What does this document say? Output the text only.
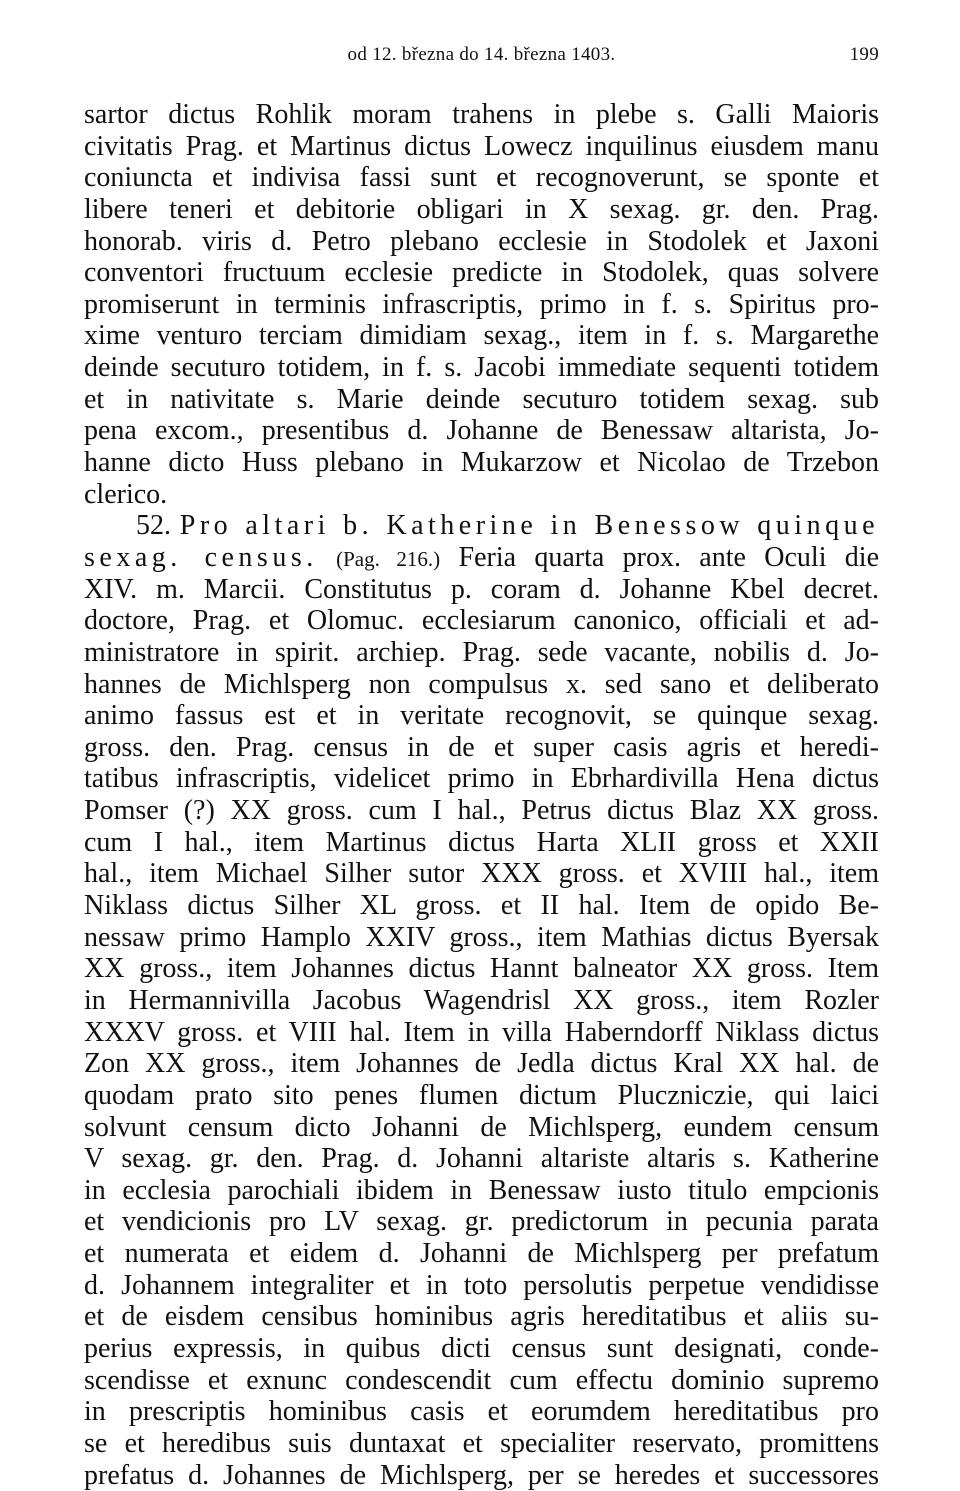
od 12. března do 14. března 1403.	199
sartor dictus Rohlik moram trahens in plebe s. Galli Maioris
civitatis Prag. et Martinus dictus Lowecz inquilinus eiusdem manu
coniuncta et indivisa fassi sunt et recognoverunt, se sponte et
libere teneri et debitorie obligari in X sexag. gr. den. Prag.
honorab. viris d. Petro plebano ecclesie in Stodolek et Jaxoni
conventori fructuum ecclesie predicte in Stodolek, quas solvere
promiserunt in terminis infrascriptis, primo in f. s. Spiritus pro-
xime venturo terciam dimidiam sexag., item in f. s. Margarethe
deinde secuturo totidem, in f. s. Jacobi immediate sequenti totidem
et in nativitate s. Marie deinde secuturo totidem sexag. sub
pena excom., presentibus d. Johanne de Benessaw altarista, Jo-
hanne dicto Huss plebano in Mukarzow et Nicolao de Trzebon
clerico.
52. Pro altari b. Katherine in Benessow quinque
sexag. census. (Pag. 216.) Feria quarta prox. ante Oculi die
XIV. m. Marcii. Constitutus p. coram d. Johanne Kbel decret.
doctore, Prag. et Olomuc. ecclesiarum canonico, officiali et ad-
ministratore in spirit. archiep. Prag. sede vacante, nobilis d. Jo-
hannes de Michlsperg non compulsus x. sed sano et deliberato
animo fassus est et in veritate recognovit, se quinque sexag.
gross. den. Prag. census in de et super casis agris et heredi-
tatibus infrascriptis, videlicet primo in Ebrhardivilla Hena dictus
Pomser (?) XX gross. cum I hal., Petrus dictus Blaz XX gross.
cum I hal., item Martinus dictus Harta XLII gross et XXII
hal., item Michael Silher sutor XXX gross. et XVIII hal., item
Niklass dictus Silher XL gross. et II hal. Item de opido Be-
nessaw primo Hamplo XXIV gross., item Mathias dictus Byersak
XX gross., item Johannes dictus Hannt balneator XX gross. Item
in Hermannivilla Jacobus Wagendrisl XX gross., item Rozler
XXXV gross. et VIII hal. Item in villa Haberndorff Niklass dictus
Zon XX gross., item Johannes de Jedla dictus Kral XX hal. de
quodam prato sito penes flumen dictum Pluczniczie, qui laici
solvunt censum dicto Johanni de Michlsperg, eundem censum
V sexag. gr. den. Prag. d. Johanni altariste altaris s. Katherine
in ecclesia parochiali ibidem in Benessaw iusto titulo empcionis
et vendicionis pro LV sexag. gr. predictorum in pecunia parata
et numerata et eidem d. Johanni de Michlsperg per prefatum
d. Johannem integraliter et in toto persolutis perpetue vendidisse
et de eisdem censibus hominibus agris hereditatibus et aliis su-
perius expressis, in quibus dicti census sunt designati, conde-
scendisse et exnunc condescendit cum effectu dominio supremo
in prescriptis hominibus casis et eorumdem hereditatibus pro
se et heredibus suis duntaxat et specialiter reservato, promittens
prefatus d. Johannes de Michlsperg, per se heredes et successores
